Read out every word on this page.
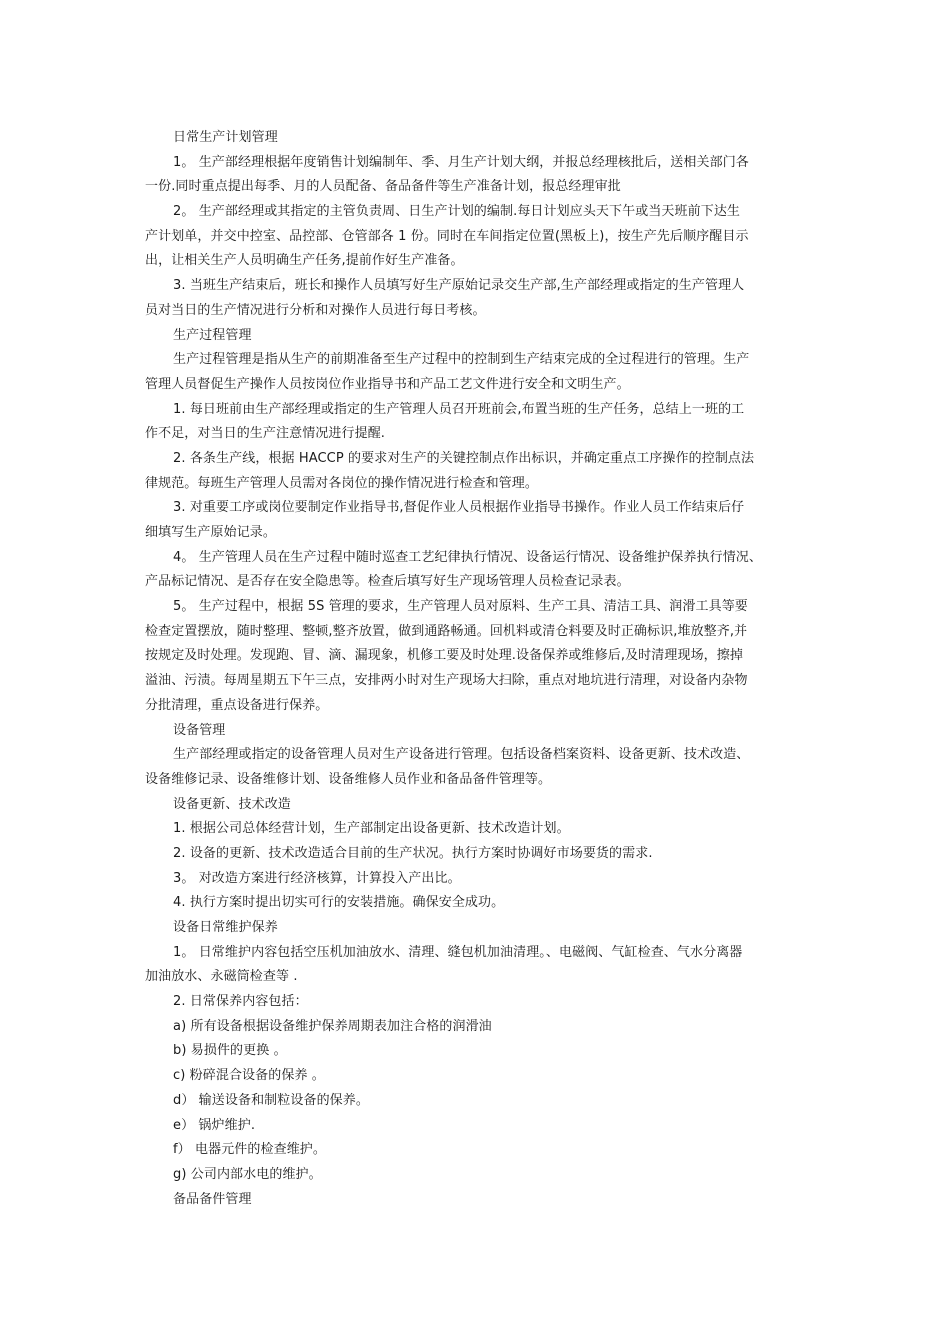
日常生产计划管理
1。 生产部经理根据年度销售计划编制年、季、月生产计划大纲，并报总经理核批后，送相关部门各
一份.同时重点提出每季、月的人员配备、备品备件等生产准备计划，报总经理审批
2。 生产部经理或其指定的主管负责周、日生产计划的编制.每日计划应头天下午或当天班前下达生
产计划单，并交中控室、品控部、仓管部各 1 份。同时在车间指定位置(黑板上)，按生产先后顺序醒目示
出，让相关生产人员明确生产任务,提前作好生产准备。
3. 当班生产结束后，班长和操作人员填写好生产原始记录交生产部,生产部经理或指定的生产管理人
员对当日的生产情况进行分析和对操作人员进行每日考核。
生产过程管理
生产过程管理是指从生产的前期准备至生产过程中的控制到生产结束完成的全过程进行的管理。生产
管理人员督促生产操作人员按岗位作业指导书和产品工艺文件进行安全和文明生产。
1. 每日班前由生产部经理或指定的生产管理人员召开班前会,布置当班的生产任务，总结上一班的工
作不足，对当日的生产注意情况进行提醒.
2. 各条生产线，根据 HACCP 的要求对生产的关键控制点作出标识，并确定重点工序操作的控制点法
律规范。每班生产管理人员需对各岗位的操作情况进行检查和管理。
3. 对重要工序或岗位要制定作业指导书,督促作业人员根据作业指导书操作。作业人员工作结束后仔
细填写生产原始记录。
4。 生产管理人员在生产过程中随时巡查工艺纪律执行情况、设备运行情况、设备维护保养执行情况、
产品标记情况、是否存在安全隐患等。检查后填写好生产现场管理人员检查记录表。
5。 生产过程中，根据 5S 管理的要求，生产管理人员对原料、生产工具、清洁工具、润滑工具等要
检查定置摆放，随时整理、整顿,整齐放置，做到通路畅通。回机料或清仓料要及时正确标识,堆放整齐,并
按规定及时处理。发现跑、冒、滴、漏现象，机修工要及时处理.设备保养或维修后,及时清理现场，擦掉
溢油、污渍。每周星期五下午三点，安排两小时对生产现场大扫除，重点对地坑进行清理，对设备内杂物
分批清理，重点设备进行保养。
设备管理
生产部经理或指定的设备管理人员对生产设备进行管理。包括设备档案资料、设备更新、技术改造、
设备维修记录、设备维修计划、设备维修人员作业和备品备件管理等。
设备更新、技术改造
1. 根据公司总体经营计划，生产部制定出设备更新、技术改造计划。
2. 设备的更新、技术改造适合目前的生产状况。执行方案时协调好市场要货的需求.
3。 对改造方案进行经济核算，计算投入产出比。
4. 执行方案时提出切实可行的安装措施。确保安全成功。
设备日常维护保养
1。 日常维护内容包括空压机加油放水、清理、缝包机加油清理。、电磁阀、气缸检查、气水分离器
加油放水、永磁筒检查等 .
2. 日常保养内容包括：
a) 所有设备根据设备维护保养周期表加注合格的润滑油
b) 易损件的更换 。
c) 粉碎混合设备的保养 。
d） 输送设备和制粒设备的保养。
e） 锅炉维护.
f） 电器元件的检查维护。
g) 公司内部水电的维护。
备品备件管理
